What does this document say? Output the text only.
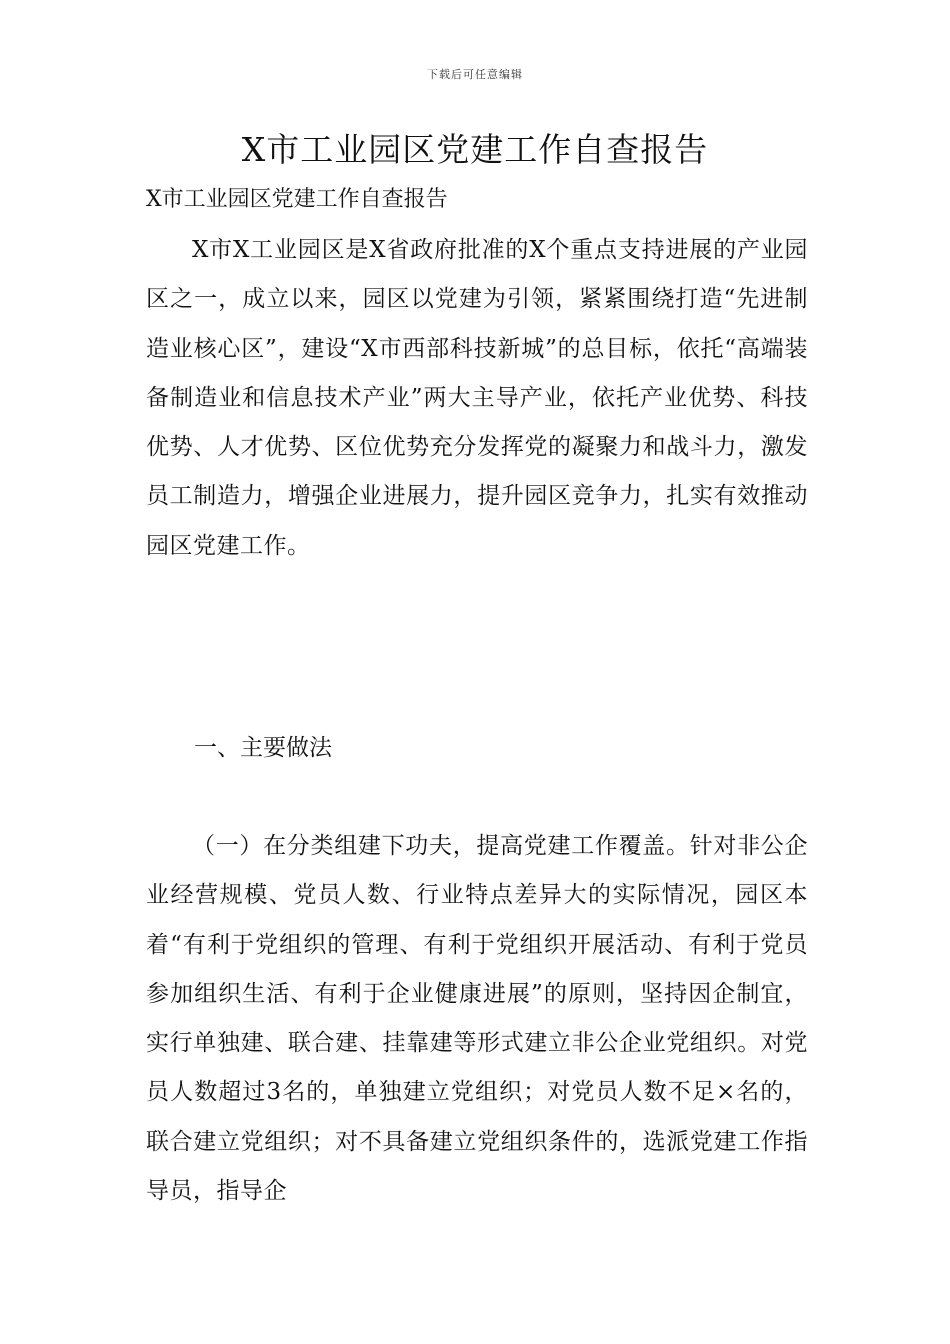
下载后可任意编辑
X市工业园区党建工作自查报告

X市工业园区党建工作自查报告

X市X工业园区是X省政府批准的X个重点支持进展的产业园区之一，成立以来，园区以党建为引领，紧紧围绕打造“先进制造业核心区”，建设“X市西部科技新城”的总目标，依托“高端装备制造业和信息技术产业”两大主导产业，依托产业优势、科技优势、人才优势、区位优势充分发挥党的凝聚力和战斗力，激发员工制造力，增强企业进展力，提升园区竞争力，扎实有效推动园区党建工作。

一、主要做法

（一）在分类组建下功夫，提高党建工作覆盖。针对非公企业经营规模、党员人数、行业特点差异大的实际情况，园区本着“有利于党组织的管理、有利于党组织开展活动、有利于党员参加组织生活、有利于企业健康进展”的原则，坚持因企制宜，实行单独建、联合建、挂靠建等形式建立非公企业党组织。对党员人数超过3名的，单独建立党组织；对党员人数不足×名的，联合建立党组织；对不具备建立党组织条件的，选派党建工作指导员，指导企
